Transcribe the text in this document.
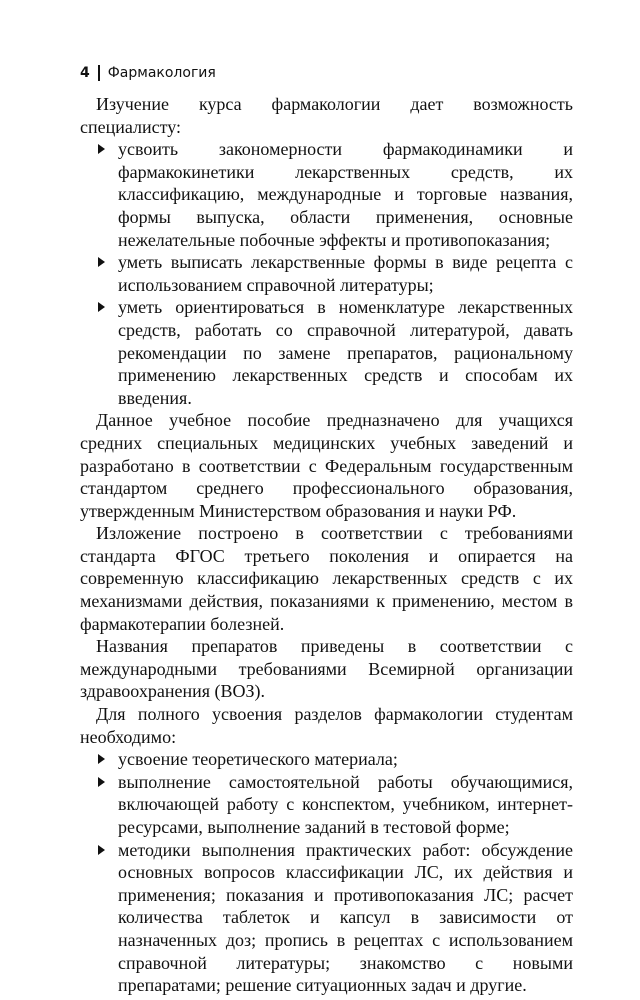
4 Фармакология

Изучение курса фармакологии дает возможность специалисту:

усвоить закономерности фармакодинамики и фармакокинетики лекарственных средств, их классификацию, международные и торговые названия, формы выпуска, области применения, основные нежелательные побочные эффекты и противопоказания;
уметь выписать лекарственные формы в виде рецепта с использованием справочной литературы;
уметь ориентироваться в номенклатуре лекарственных средств, работать со справочной литературой, давать рекомендации по замене препаратов, рациональному применению лекарственных средств и способам их введения.

Данное учебное пособие предназначено для учащихся средних специальных медицинских учебных заведений и разработано в соответствии с Федеральным государственным стандартом среднего профессионального образования, утвержденным Министерством образования и науки РФ.

Изложение построено в соответствии с требованиями стандарта ФГОС третьего поколения и опирается на современную классификацию лекарственных средств с их механизмами действия, показаниями к применению, местом в фармакотерапии болезней.

Названия препаратов приведены в соответствии с международными требованиями Всемирной организации здравоохранения (ВОЗ).

Для полного усвоения разделов фармакологии студентам необходимо:

усвоение теоретического материала;
выполнение самостоятельной работы обучающимися, включающей работу с конспектом, учебником, интернет-ресурсами, выполнение заданий в тестовой форме;
методики выполнения практических работ: обсуждение основных вопросов классификации ЛС, их действия и применения; показания и противопоказания ЛС; расчет количества таблеток и капсул в зависимости от назначенных доз; пропись в рецептах с использованием справочной литературы; знакомство с новыми препаратами; решение ситуационных задач и другие.
